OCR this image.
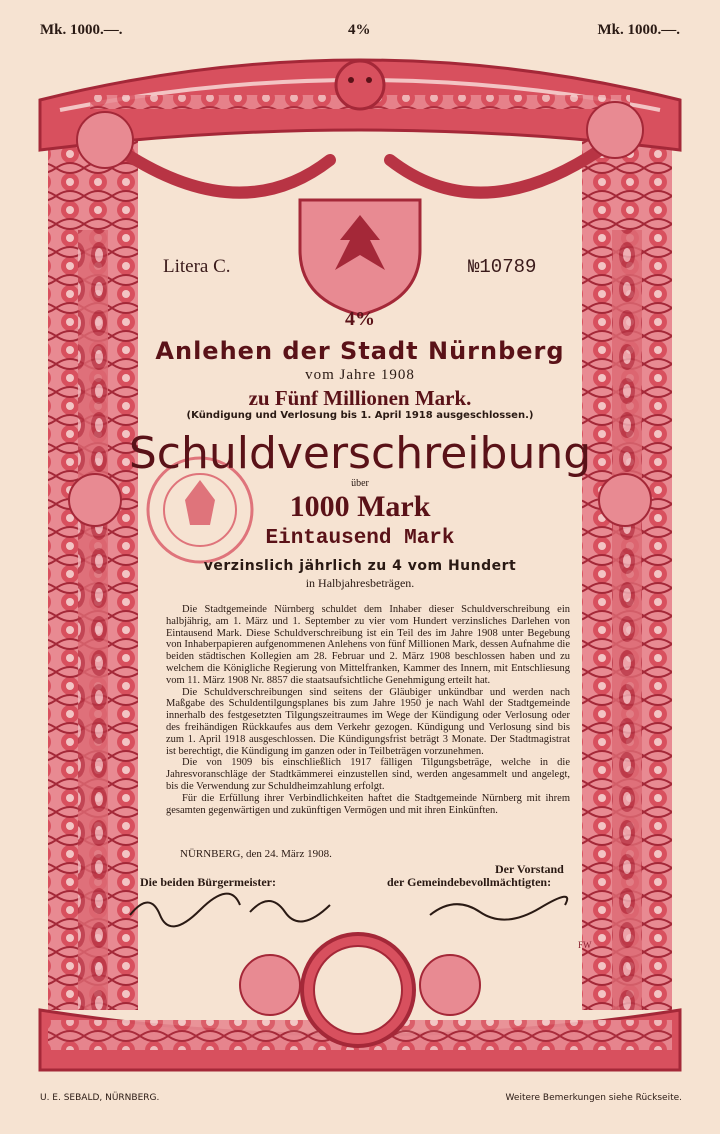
Mk. 1000.—.	4%	Mk. 1000.—.
Litera C.	№10789
4%
Anlehen der Stadt Nürnberg
vom Jahre 1908
zu Fünf Millionen Mark.
(Kündigung und Verlosung bis 1. April 1918 ausgeschlossen.)
Schuldverschreibung
über
1000 Mark
Eintausend Mark
verzinslich jährlich zu 4 vom Hundert
in Halbjahresbeträgen.

Die Stadtgemeinde Nürnberg schuldet dem Inhaber dieser Schuldverschreibung ein halbjährig, am 1. März und 1. September zu vier vom Hundert verzinsliches Darlehen von Eintausend Mark. Diese Schuldverschreibung ist ein Teil des im Jahre 1908 unter Begebung von Inhaberpapieren aufgenommenen Anlehens von fünf Millionen Mark, dessen Aufnahme die beiden städtischen Kollegien am 28. Februar und 2. März 1908 beschlossen haben und zu welchem die Königliche Regierung von Mittelfranken, Kammer des Innern, mit Entschliesung vom 11. März 1908 Nr. 8857 die staatsaufsichtliche Genehmigung erteilt hat.

Die Schuldverschreibungen sind seitens der Gläubiger unkündbar und werden nach Maßgabe des Schuldentilgungsplanes bis zum Jahre 1950 je nach Wahl der Stadtgemeinde innerhalb des festgesetzten Tilgungszeitraumes im Wege der Kündigung oder Verlosung oder des freihändigen Rückkaufes aus dem Verkehr gezogen. Kündigung und Verlosung sind bis zum 1. April 1918 ausgeschlossen. Die Kündigungsfrist beträgt 3 Monate. Der Stadtmagistrat ist berechtigt, die Kündigung im ganzen oder in Teilbeträgen vorzunehmen.

Die von 1909 bis einschließlich 1917 fälligen Tilgungsbeträge, welche in die Jahresvoranschläge der Stadtkämmerei einzustellen sind, werden angesammelt und angelegt, bis die Verwendung zur Schuldheimzahlung erfolgt.

Für die Erfüllung ihrer Verbindlichkeiten haftet die Stadtgemeinde Nürnberg mit ihrem gesamten gegenwärtigen und zukünftigen Vermögen und mit ihren Einkünften.

NÜRNBERG, den 24. März 1908.
Die beiden Bürgermeister:
Der Vorstand
der Gemeindebevollmächtigten:
FW
U. E. SEBALD, NÜRNBERG.	Weitere Bemerkungen siehe Rückseite.
